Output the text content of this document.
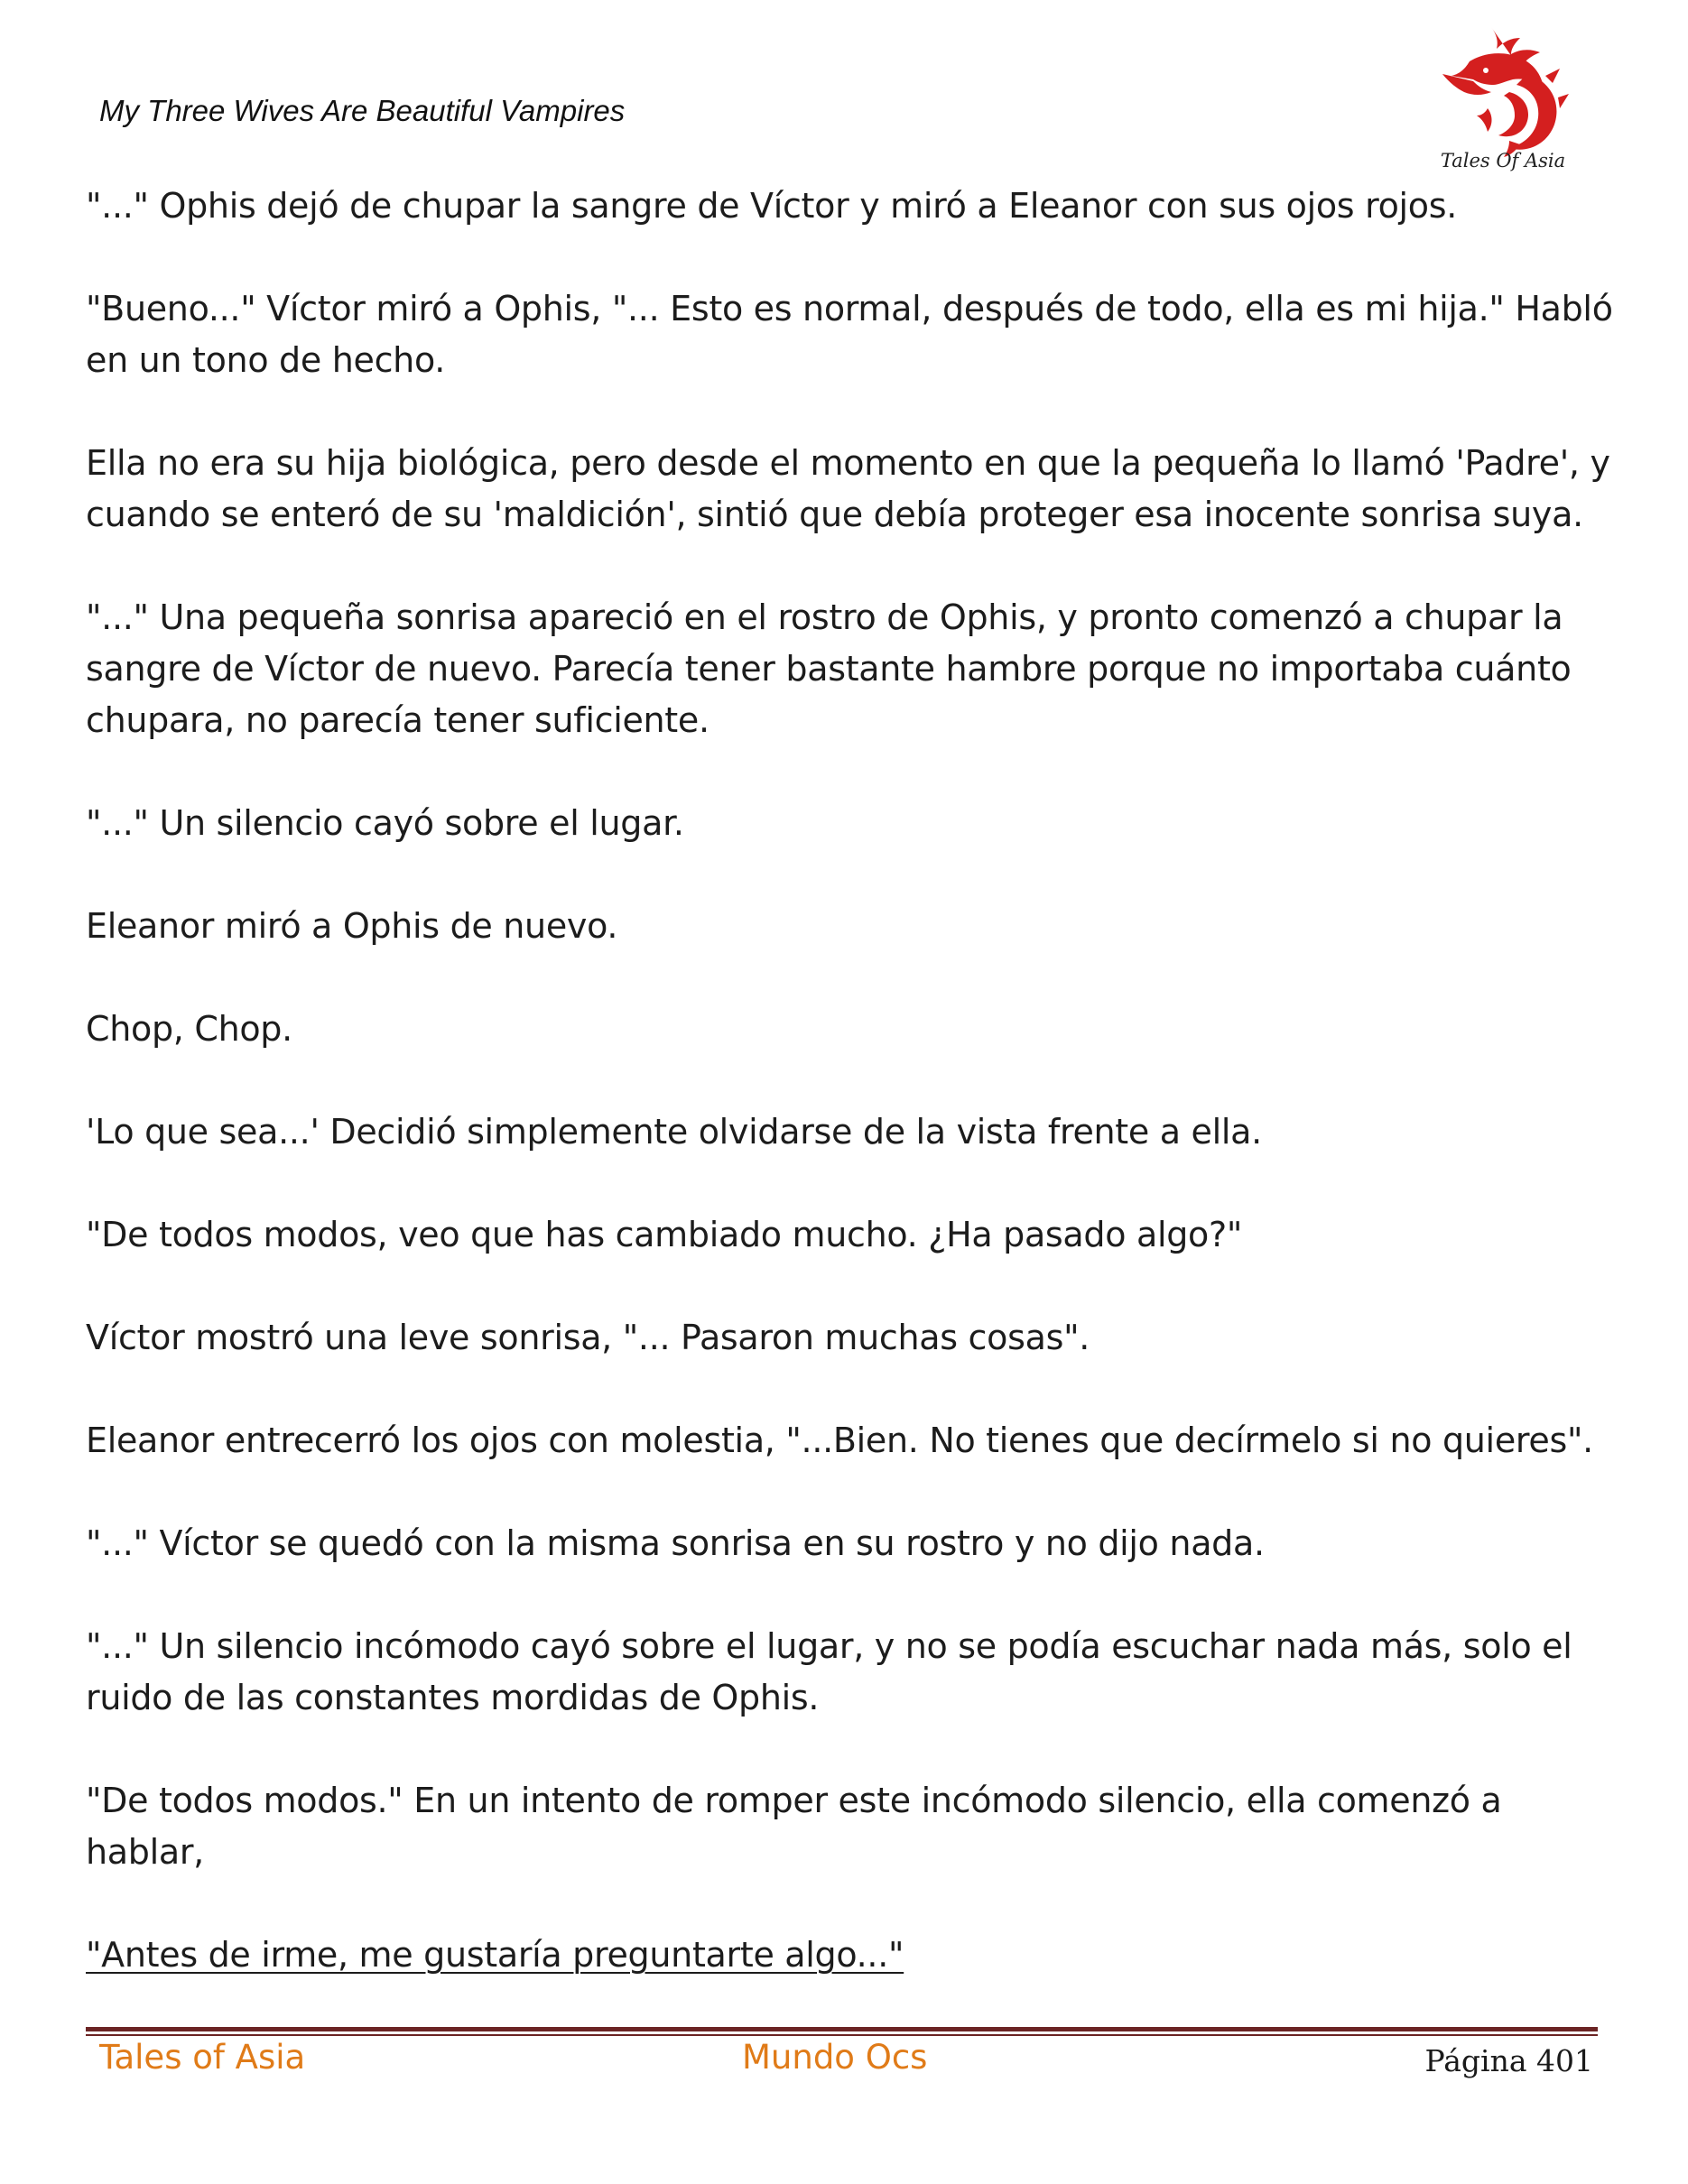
My Three Wives Are Beautiful Vampires
Tales Of Asia

"..." Ophis dejó de chupar la sangre de Víctor y miró a Eleanor con sus ojos rojos.

"Bueno..." Víctor miró a Ophis, "... Esto es normal, después de todo, ella es mi hija." Habló en un tono de hecho.

Ella no era su hija biológica, pero desde el momento en que la pequeña lo llamó 'Padre', y cuando se enteró de su 'maldición', sintió que debía proteger esa inocente sonrisa suya.

"..." Una pequeña sonrisa apareció en el rostro de Ophis, y pronto comenzó a chupar la sangre de Víctor de nuevo. Parecía tener bastante hambre porque no importaba cuánto chupara, no parecía tener suficiente.

"..." Un silencio cayó sobre el lugar.

Eleanor miró a Ophis de nuevo.

Chop, Chop.

'Lo que sea...' Decidió simplemente olvidarse de la vista frente a ella.

"De todos modos, veo que has cambiado mucho. ¿Ha pasado algo?"

Víctor mostró una leve sonrisa, "... Pasaron muchas cosas".

Eleanor entrecerró los ojos con molestia, "...Bien. No tienes que decírmelo si no quieres".

"..." Víctor se quedó con la misma sonrisa en su rostro y no dijo nada.

"..." Un silencio incómodo cayó sobre el lugar, y no se podía escuchar nada más, solo el ruido de las constantes mordidas de Ophis.

"De todos modos." En un intento de romper este incómodo silencio, ella comenzó a hablar,

"Antes de irme, me gustaría preguntarte algo..."

Tales of Asia	Mundo Ocs	Página 401
